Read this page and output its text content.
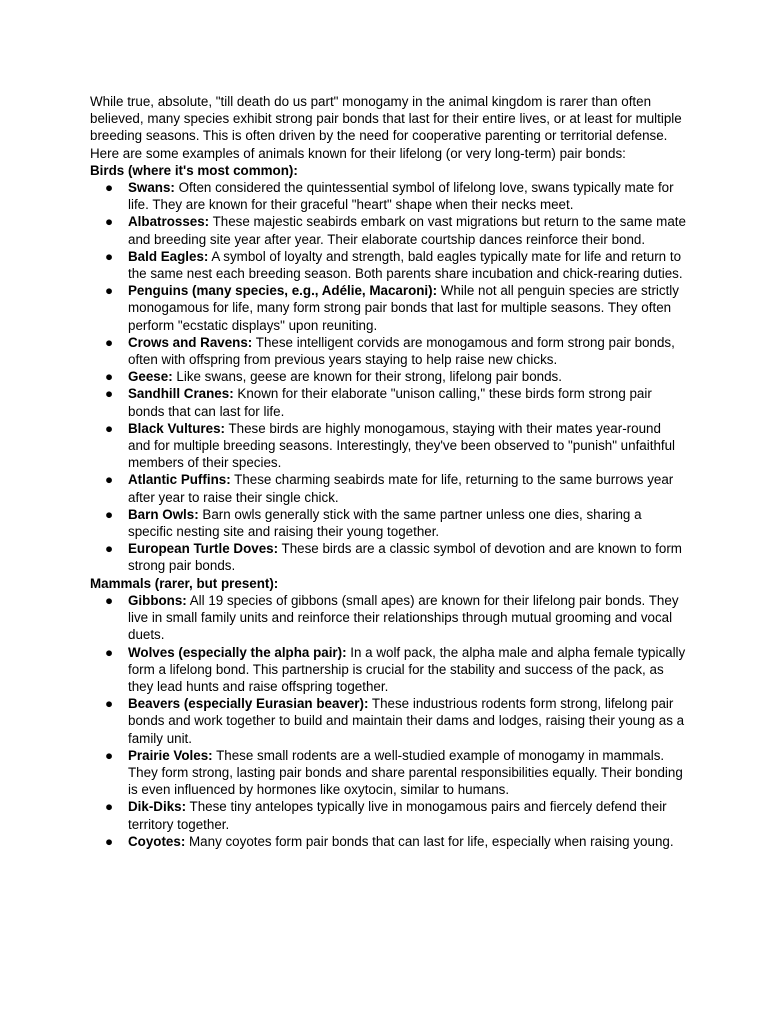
While true, absolute, "till death do us part" monogamy in the animal kingdom is rarer than often believed, many species exhibit strong pair bonds that last for their entire lives, or at least for multiple breeding seasons. This is often driven by the need for cooperative parenting or territorial defense.

Here are some examples of animals known for their lifelong (or very long-term) pair bonds:

Birds (where it's most common):

● Swans: Often considered the quintessential symbol of lifelong love, swans typically mate for life. They are known for their graceful "heart" shape when their necks meet.
● Albatrosses: These majestic seabirds embark on vast migrations but return to the same mate and breeding site year after year. Their elaborate courtship dances reinforce their bond.
● Bald Eagles: A symbol of loyalty and strength, bald eagles typically mate for life and return to the same nest each breeding season. Both parents share incubation and chick-rearing duties.
● Penguins (many species, e.g., Adélie, Macaroni): While not all penguin species are strictly monogamous for life, many form strong pair bonds that last for multiple seasons. They often perform "ecstatic displays" upon reuniting.
● Crows and Ravens: These intelligent corvids are monogamous and form strong pair bonds, often with offspring from previous years staying to help raise new chicks.
● Geese: Like swans, geese are known for their strong, lifelong pair bonds.
● Sandhill Cranes: Known for their elaborate "unison calling," these birds form strong pair bonds that can last for life.
● Black Vultures: These birds are highly monogamous, staying with their mates year-round and for multiple breeding seasons. Interestingly, they've been observed to "punish" unfaithful members of their species.
● Atlantic Puffins: These charming seabirds mate for life, returning to the same burrows year after year to raise their single chick.
● Barn Owls: Barn owls generally stick with the same partner unless one dies, sharing a specific nesting site and raising their young together.
● European Turtle Doves: These birds are a classic symbol of devotion and are known to form strong pair bonds.

Mammals (rarer, but present):

● Gibbons: All 19 species of gibbons (small apes) are known for their lifelong pair bonds. They live in small family units and reinforce their relationships through mutual grooming and vocal duets.
● Wolves (especially the alpha pair): In a wolf pack, the alpha male and alpha female typically form a lifelong bond. This partnership is crucial for the stability and success of the pack, as they lead hunts and raise offspring together.
● Beavers (especially Eurasian beaver): These industrious rodents form strong, lifelong pair bonds and work together to build and maintain their dams and lodges, raising their young as a family unit.
● Prairie Voles: These small rodents are a well-studied example of monogamy in mammals. They form strong, lasting pair bonds and share parental responsibilities equally. Their bonding is even influenced by hormones like oxytocin, similar to humans.
● Dik-Diks: These tiny antelopes typically live in monogamous pairs and fiercely defend their territory together.
● Coyotes: Many coyotes form pair bonds that can last for life, especially when raising young.
